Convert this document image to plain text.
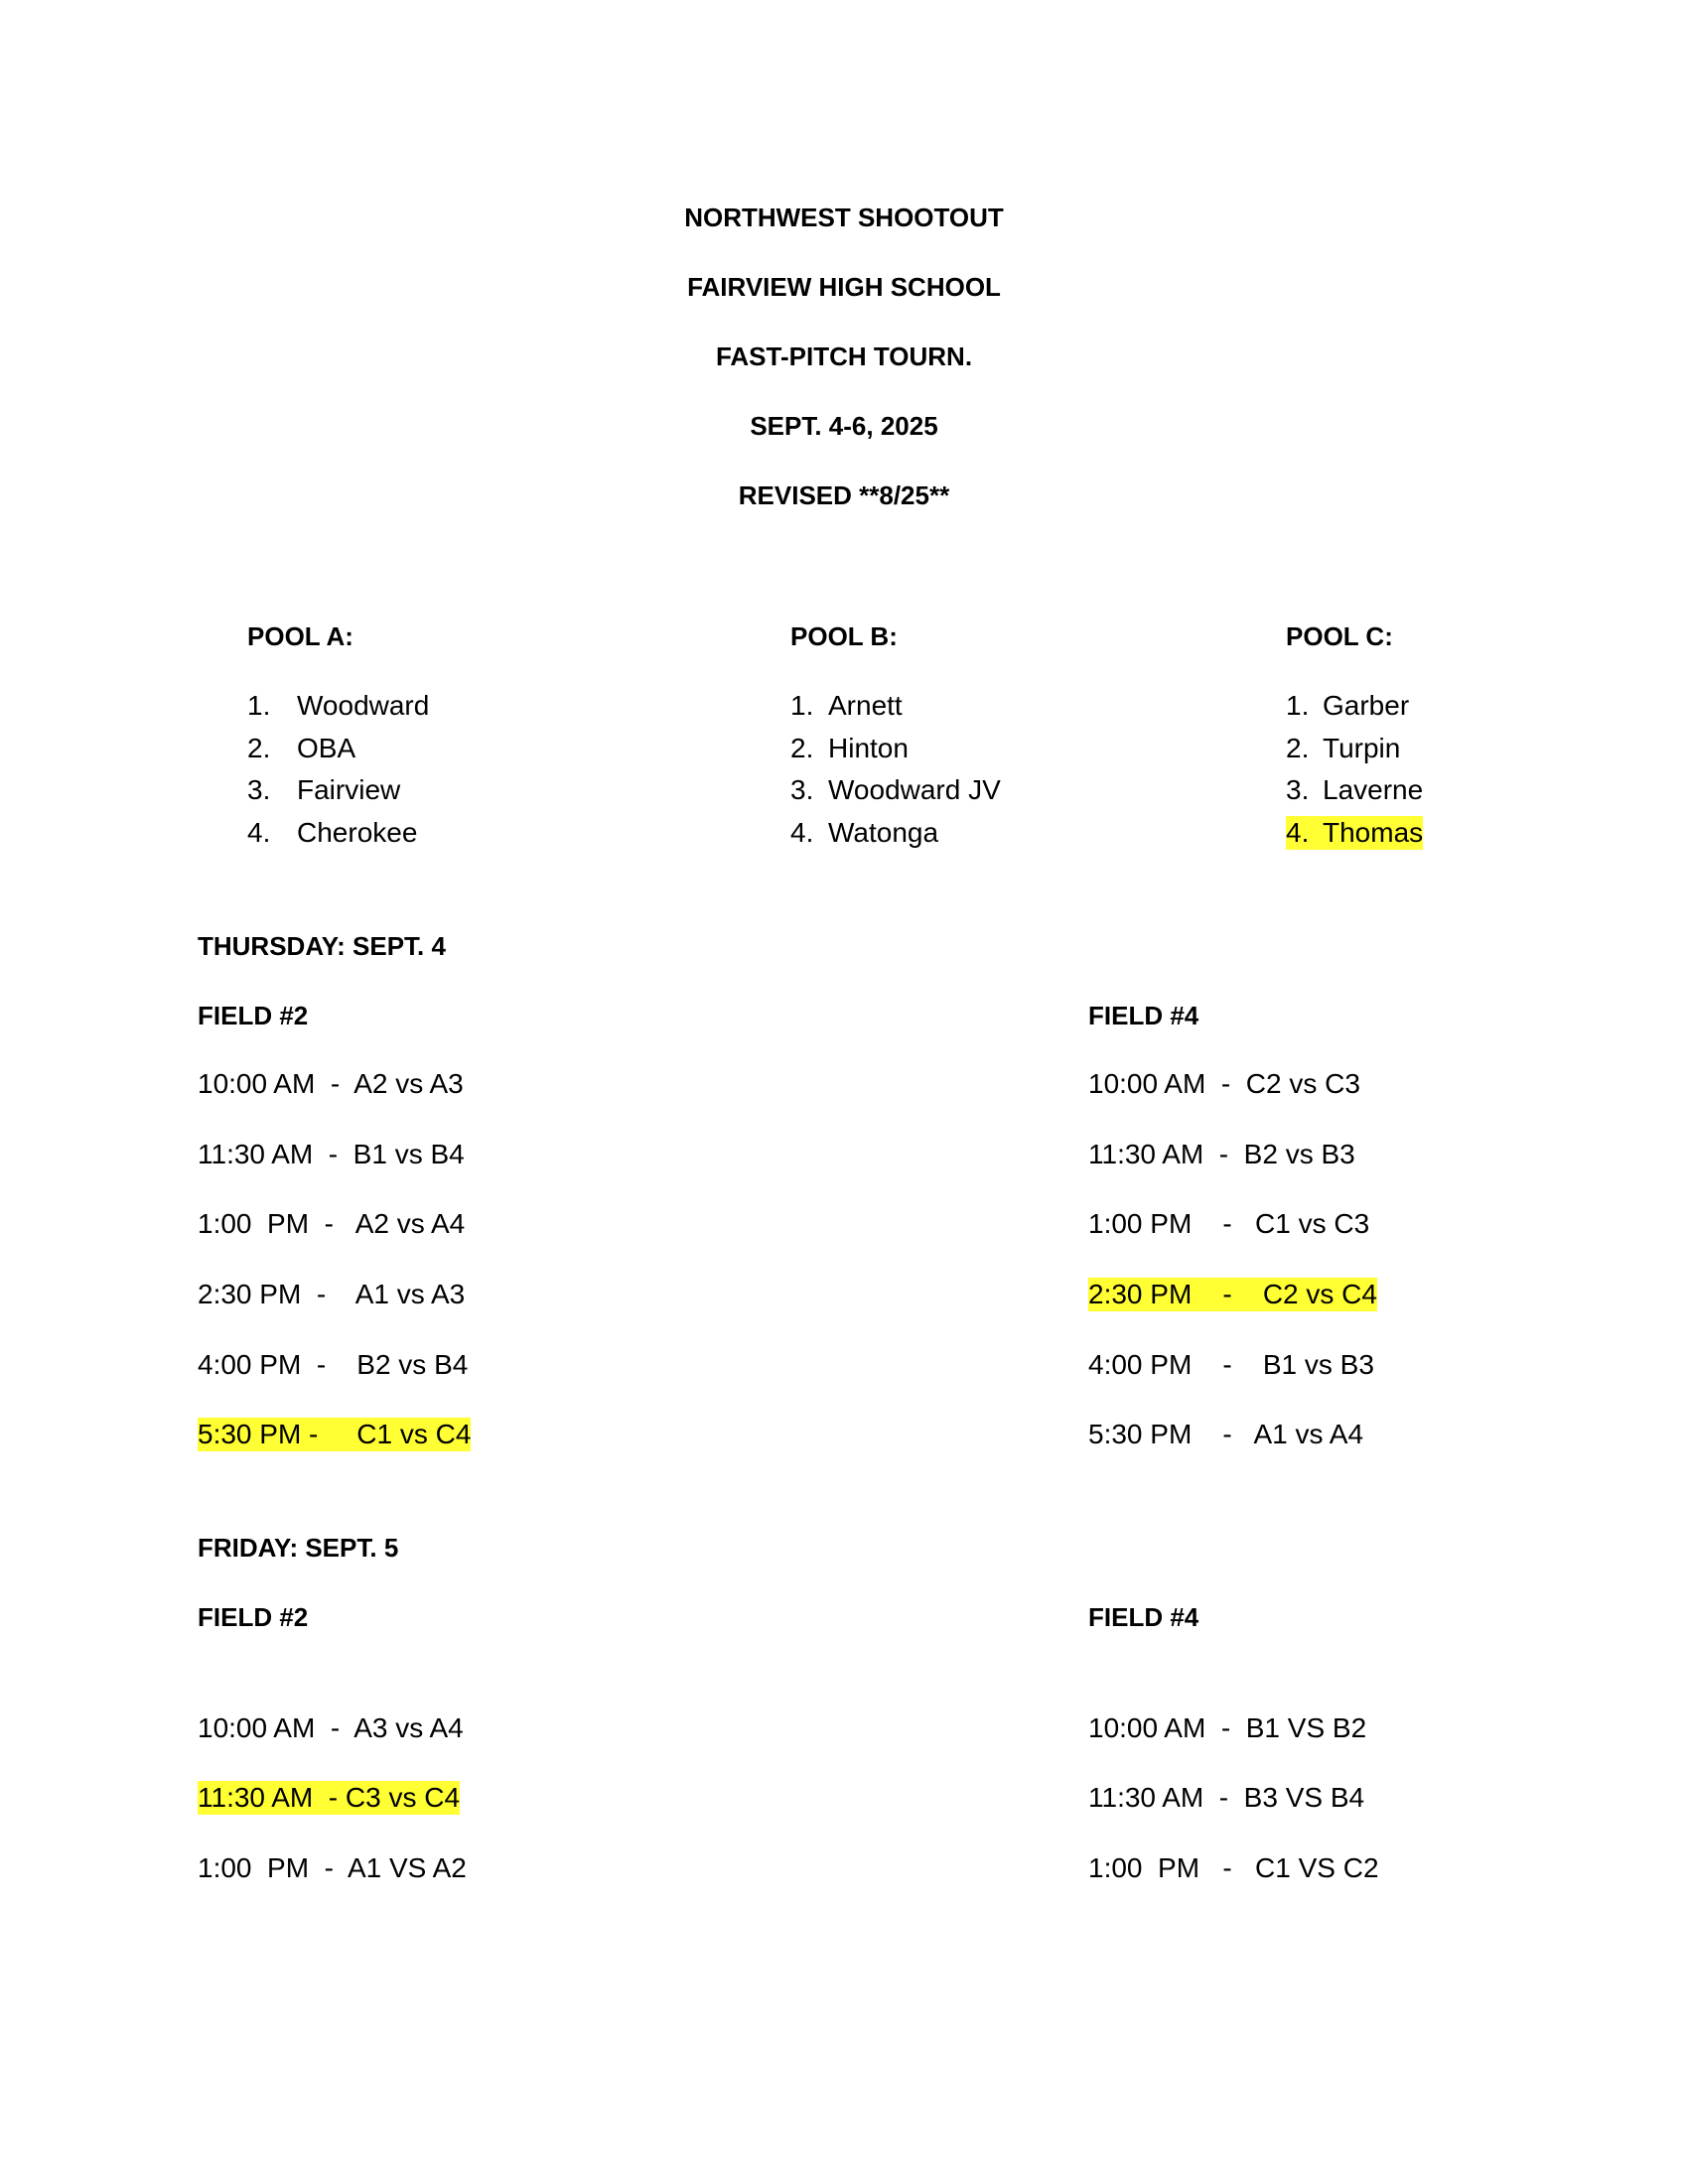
NORTHWEST SHOOTOUT
FAIRVIEW HIGH SCHOOL
FAST-PITCH TOURN.
SEPT. 4-6, 2025
REVISED **8/25**
POOL A:
1. Woodward
2. OBA
3. Fairview
4. Cherokee
POOL B:
1. Arnett
2. Hinton
3. Woodward JV
4. Watonga
POOL C:
1. Garber
2. Turpin
3. Laverne
4. Thomas
THURSDAY: SEPT. 4
FIELD #2	FIELD #4
10:00 AM  -  A2 vs A3
11:30 AM  -  B1 vs B4
1:00  PM  -   A2 vs A4
2:30 PM  -    A1 vs A3
4:00 PM  -    B2 vs B4
5:30 PM -     C1 vs C4
10:00 AM  -  C2 vs C3
11:30 AM  -  B2 vs B3
1:00 PM    -   C1 vs C3
2:30 PM    -    C2 vs C4
4:00 PM    -    B1 vs B3
5:30 PM    -   A1 vs A4
FRIDAY: SEPT. 5
FIELD #2	FIELD #4
10:00 AM  -  A3 vs A4
11:30 AM  - C3 vs C4
1:00  PM  -  A1 VS A2
10:00 AM  -  B1 VS B2
11:30 AM  -  B3 VS B4
1:00  PM   -   C1 VS C2
